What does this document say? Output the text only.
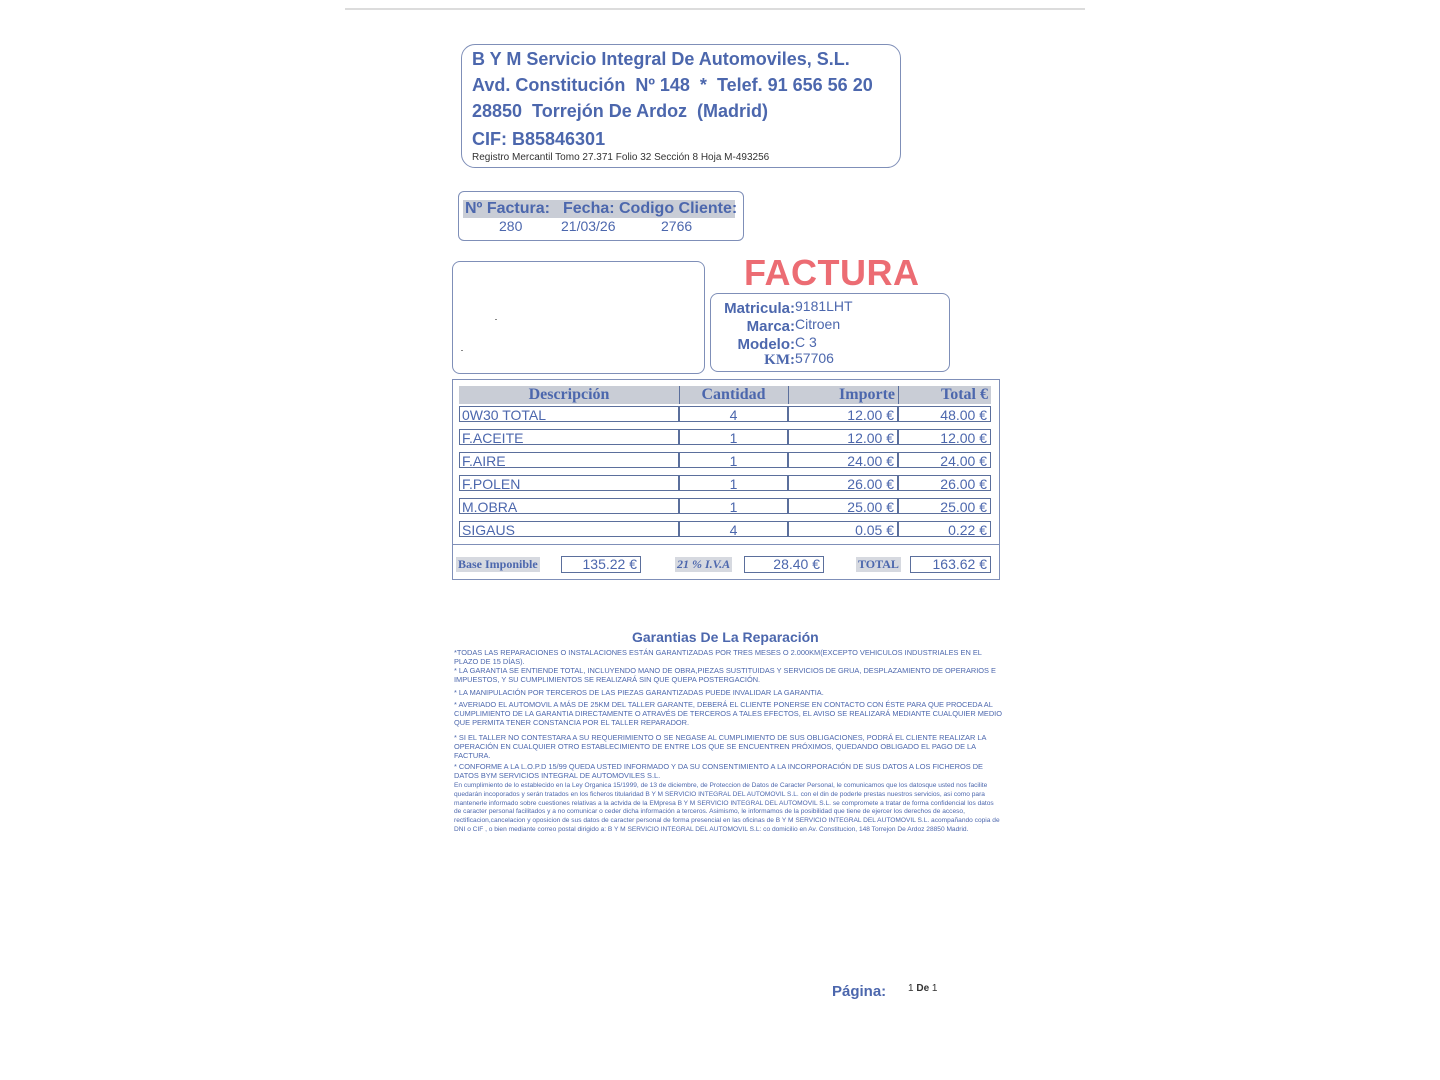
B Y M Servicio Integral De Automoviles, S.L.
Avd. Constitución  Nº 148  *  Telef. 91 656 56 20
28850  Torrejón De Ardoz  (Madrid)
CIF: B85846301
Registro Mercantil Tomo 27.371 Folio 32 Sección 8 Hoja M-493256
Nº Factura: Fecha: Codigo Cliente:
280	21/03/26	2766
FACTURA
Matricula: 9181LHT
Marca: Citroen
Modelo: C 3
KM: 57706
Descripción	Cantidad	Importe	Total €
0W30 TOTAL	4	12.00 €	48.00 €
F.ACEITE	1	12.00 €	12.00 €
F.AIRE	1	24.00 €	24.00 €
F.POLEN	1	26.00 €	26.00 €
M.OBRA	1	25.00 €	25.00 €
SIGAUS	4	0.05 €	0.22 €
Base Imponible	135.22 €	21 % I.V.A	28.40 €	TOTAL	163.62 €
Garantias De La Reparación
*TODAS LAS REPARACIONES O INSTALACIONES ESTÁN GARANTIZADAS POR TRES MESES O 2.000KM(EXCEPTO VEHICULOS INDUSTRIALES EN EL PLAZO DE 15 DÍAS).
* LA GARANTIA SE ENTIENDE TOTAL, INCLUYENDO MANO DE OBRA,PIEZAS SUSTITUIDAS Y SERVICIOS DE GRUA, DESPLAZAMIENTO DE OPERARIOS E IMPUESTOS, Y SU CUMPLIMIENTOS SE REALIZARÁ SIN QUE QUEPA POSTERGACIÓN.
* LA MANIPULACIÓN POR TERCEROS DE LAS PIEZAS GARANTIZADAS PUEDE INVALIDAR LA GARANTIA.
* AVERIADO EL AUTOMOVIL A MÁS DE 25KM DEL TALLER GARANTE, DEBERÁ EL CLIENTE PONERSE EN CONTACTO CON ÉSTE PARA QUE PROCEDA AL CUMPLIMIENTO DE LA GARANTIA DIRECTAMENTE O ATRAVÉS DE TERCEROS A TALES EFECTOS, EL AVISO SE REALIZARÁ MEDIANTE CUALQUIER MEDIO QUE PERMITA TENER CONSTANCIA POR EL TALLER REPARADOR.
* SI EL TALLER NO CONTESTARA A SU REQUERIMIENTO O SE NEGASE AL CUMPLIMIENTO DE SUS OBLIGACIONES, PODRÁ EL CLIENTE REALIZAR LA OPERACIÓN EN CUALQUIER OTRO ESTABLECIMIENTO DE ENTRE LOS QUE SE ENCUENTREN PRÓXIMOS, QUEDANDO OBLIGADO EL PAGO DE LA FACTURA.
* CONFORME A LA L.O.P.D 15/99 QUEDA USTED INFORMADO Y DA SU CONSENTIMIENTO A LA INCORPORACIÓN DE SUS DATOS A LOS FICHEROS DE DATOS BYM SERVICIOS INTEGRAL DE AUTOMOVILES S.L.
En cumplimiento de lo establecido en la Ley Organica 15/1999, de 13 de diciembre, de Proteccion de Datos de Caracter Personal, le comunicamos que los datosque usted nos facilite quedarán incoporados y serán tratados en los ficheros titularidad B Y M SERVICIO INTEGRAL DEL AUTOMOVIL S.L. con el din de poderle prestas nuestros servicios, asi como para mantenerle informado sobre cuestiones relativas a la actvida de la EMpresa B Y M SERVICIO INTEGRAL DEL AUTOMOVIL S.L. se compromete a tratar de forma confidencial los datos de caracter personal facilitados y a no comunicar o ceder dicha información a terceros. Asimismo, le informamos de la posibilidad que tiene de ejercer los derechos de acceso, rectificacion,cancelacion y oposicion de sus datos de caracter personal de forma presencial en las oficinas de B Y M SERVICIO INTEGRAL DEL AUTOMOVIL S.L. acompañando copia de DNI o CIF , o bien mediante correo postal dirigido a: B Y M SERVICIO INTEGRAL DEL AUTOMOVIL S.L: co domicilio en Av. Constitucion, 148 Torrejon De Ardoz 28850 Madrid.
Página: 1 De 1
